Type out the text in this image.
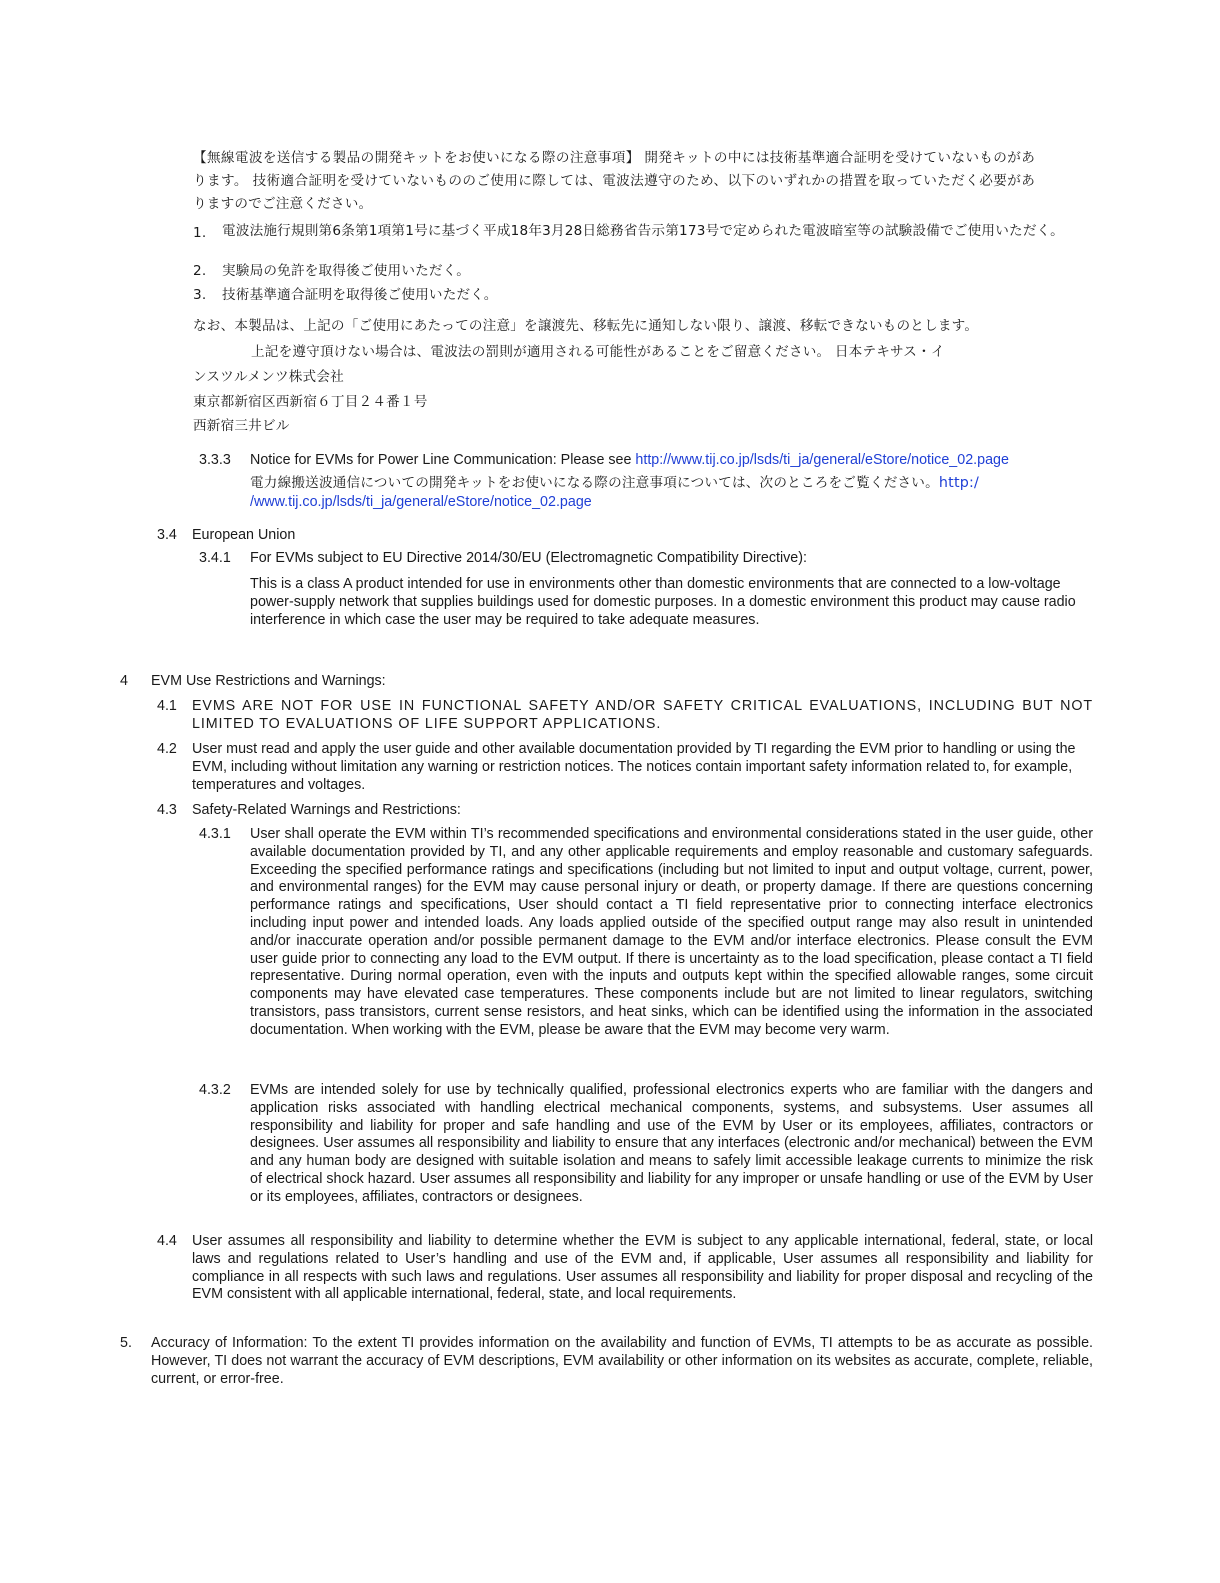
【無線電波を送信する製品の開発キットをお使いになる際の注意事項】 開発キットの中には技術基準適合証明を受けていないものがあります。 技術適合証明を受けていないもののご使用に際しては、電波法遵守のため、以下のいずれかの措置を取っていただく必要がありますのでご注意ください。

1. 電波法施行規則第6条第1項第1号に基づく平成18年3月28日総務省告示第173号で定められた電波暗室等の試験設備でご使用いただく。
2. 実験局の免許を取得後ご使用いただく。
3. 技術基準適合証明を取得後ご使用いただく。
なお、本製品は、上記の「ご使用にあたっての注意」を譲渡先、移転先に通知しない限り、譲渡、移転できないものとします。
上記を遵守頂けない場合は、電波法の罰則が適用される可能性があることをご留意ください。 日本テキサス・イ
ンスツルメンツ株式会社
東京都新宿区西新宿６丁目２４番１号
西新宿三井ビル
3.3.3 Notice for EVMs for Power Line Communication: Please see http://www.tij.co.jp/lsds/ti_ja/general/eStore/notice_02.page
電力線搬送波通信についての開発キットをお使いになる際の注意事項については、次のところをご覧ください。http:/
/www.tij.co.jp/lsds/ti_ja/general/eStore/notice_02.page
3.4 European Union
3.4.1 For EVMs subject to EU Directive 2014/30/EU (Electromagnetic Compatibility Directive):
This is a class A product intended for use in environments other than domestic environments that are connected to a low-voltage power-supply network that supplies buildings used for domestic purposes. In a domestic environment this product may cause radio interference in which case the user may be required to take adequate measures.
4 EVM Use Restrictions and Warnings:
4.1 EVMS ARE NOT FOR USE IN FUNCTIONAL SAFETY AND/OR SAFETY CRITICAL EVALUATIONS, INCLUDING BUT NOT LIMITED TO EVALUATIONS OF LIFE SUPPORT APPLICATIONS.
4.2 User must read and apply the user guide and other available documentation provided by TI regarding the EVM prior to handling or using the EVM, including without limitation any warning or restriction notices. The notices contain important safety information related to, for example, temperatures and voltages.
4.3 Safety-Related Warnings and Restrictions:
4.3.1 User shall operate the EVM within TI’s recommended specifications and environmental considerations stated in the user guide, other available documentation provided by TI, and any other applicable requirements and employ reasonable and customary safeguards. Exceeding the specified performance ratings and specifications (including but not limited to input and output voltage, current, power, and environmental ranges) for the EVM may cause personal injury or death, or property damage. If there are questions concerning performance ratings and specifications, User should contact a TI field representative prior to connecting interface electronics including input power and intended loads. Any loads applied outside of the specified output range may also result in unintended and/or inaccurate operation and/or possible permanent damage to the EVM and/or interface electronics. Please consult the EVM user guide prior to connecting any load to the EVM output. If there is uncertainty as to the load specification, please contact a TI field representative. During normal operation, even with the inputs and outputs kept within the specified allowable ranges, some circuit components may have elevated case temperatures. These components include but are not limited to linear regulators, switching transistors, pass transistors, current sense resistors, and heat sinks, which can be identified using the information in the associated documentation. When working with the EVM, please be aware that the EVM may become very warm.
4.3.2 EVMs are intended solely for use by technically qualified, professional electronics experts who are familiar with the dangers and application risks associated with handling electrical mechanical components, systems, and subsystems. User assumes all responsibility and liability for proper and safe handling and use of the EVM by User or its employees, affiliates, contractors or designees. User assumes all responsibility and liability to ensure that any interfaces (electronic and/or mechanical) between the EVM and any human body are designed with suitable isolation and means to safely limit accessible leakage currents to minimize the risk of electrical shock hazard. User assumes all responsibility and liability for any improper or unsafe handling or use of the EVM by User or its employees, affiliates, contractors or designees.
4.4 User assumes all responsibility and liability to determine whether the EVM is subject to any applicable international, federal, state, or local laws and regulations related to User’s handling and use of the EVM and, if applicable, User assumes all responsibility and liability for compliance in all respects with such laws and regulations. User assumes all responsibility and liability for proper disposal and recycling of the EVM consistent with all applicable international, federal, state, and local requirements.
5. Accuracy of Information: To the extent TI provides information on the availability and function of EVMs, TI attempts to be as accurate as possible. However, TI does not warrant the accuracy of EVM descriptions, EVM availability or other information on its websites as accurate, complete, reliable, current, or error-free.
